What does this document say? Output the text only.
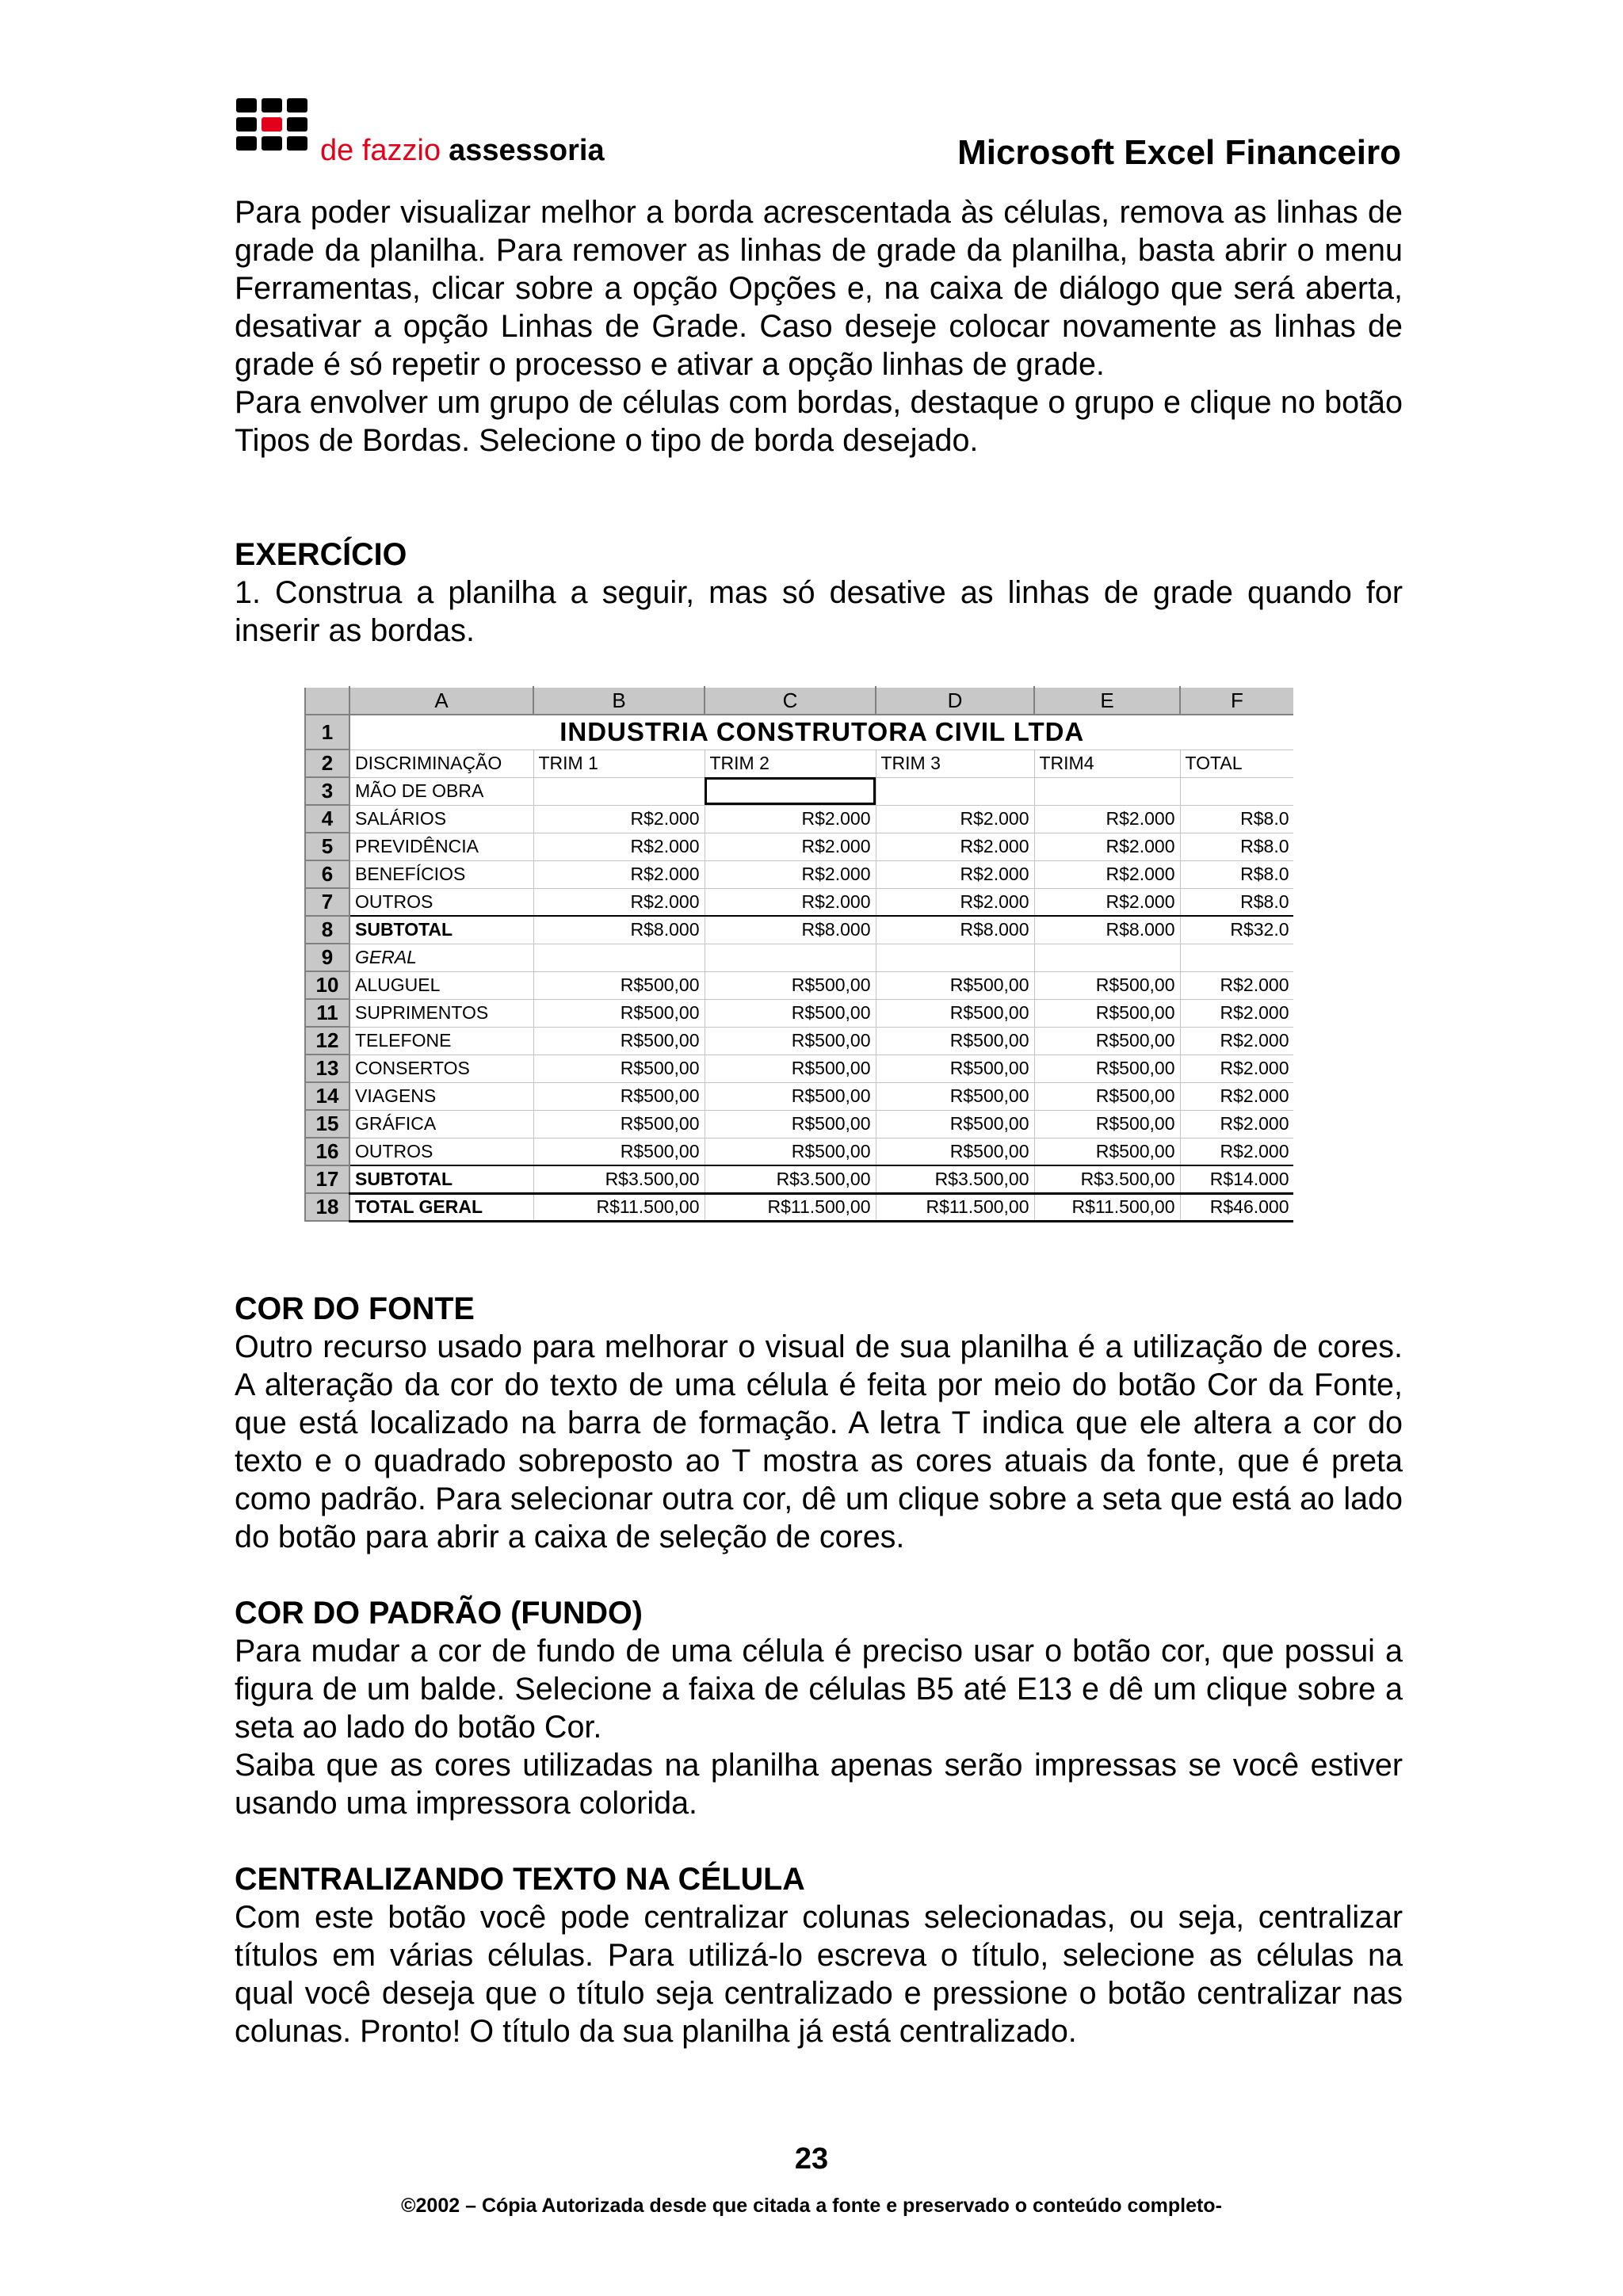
de fazzio assessoria	Microsoft Excel Financeiro

Para poder visualizar melhor a borda acrescentada às células, remova as linhas de grade da planilha. Para remover as linhas de grade da planilha, basta abrir o menu Ferramentas, clicar sobre a opção Opções e, na caixa de diálogo que será aberta, desativar a opção Linhas de Grade. Caso deseje colocar novamente as linhas de grade é só repetir o processo e ativar a opção linhas de grade.

Para envolver um grupo de células com bordas, destaque o grupo e clique no botão Tipos de Bordas. Selecione o tipo de borda desejado.

EXERCÍCIO

1. Construa a planilha a seguir, mas só desative as linhas de grade quando for inserir as bordas.

	A	B	C	D	E	F
1	INDUSTRIA CONSTRUTORA CIVIL LTDA					
2	DISCRIMINAÇÃO	TRIM 1	TRIM 2	TRIM 3	TRIM4	TOTAL
3	MÃO DE OBRA					
4	SALÁRIOS	R$2.000	R$2.000	R$2.000	R$2.000	R$8.0
5	PREVIDÊNCIA	R$2.000	R$2.000	R$2.000	R$2.000	R$8.0
6	BENEFÍCIOS	R$2.000	R$2.000	R$2.000	R$2.000	R$8.0
7	OUTROS	R$2.000	R$2.000	R$2.000	R$2.000	R$8.0
8	SUBTOTAL	R$8.000	R$8.000	R$8.000	R$8.000	R$32.0
9	GERAL					
10	ALUGUEL	R$500,00	R$500,00	R$500,00	R$500,00	R$2.000
11	SUPRIMENTOS	R$500,00	R$500,00	R$500,00	R$500,00	R$2.000
12	TELEFONE	R$500,00	R$500,00	R$500,00	R$500,00	R$2.000
13	CONSERTOS	R$500,00	R$500,00	R$500,00	R$500,00	R$2.000
14	VIAGENS	R$500,00	R$500,00	R$500,00	R$500,00	R$2.000
15	GRÁFICA	R$500,00	R$500,00	R$500,00	R$500,00	R$2.000
16	OUTROS	R$500,00	R$500,00	R$500,00	R$500,00	R$2.000
17	SUBTOTAL	R$3.500,00	R$3.500,00	R$3.500,00	R$3.500,00	R$14.000
18	TOTAL GERAL	R$11.500,00	R$11.500,00	R$11.500,00	R$11.500,00	R$46.000

COR DO FONTE

Outro recurso usado para melhorar o visual de sua planilha é a utilização de cores. A alteração da cor do texto de uma célula é feita por meio do botão Cor da Fonte, que está localizado na barra de formação. A letra T indica que ele altera a cor do texto e o quadrado sobreposto ao T mostra as cores atuais da fonte, que é preta como padrão. Para selecionar outra cor, dê um clique sobre a seta que está ao lado do botão para abrir a caixa de seleção de cores.

COR DO PADRÃO (FUNDO)

Para mudar a cor de fundo de uma célula é preciso usar o botão cor, que possui a figura de um balde. Selecione a faixa de células B5 até E13 e dê um clique sobre a seta ao lado do botão Cor.

Saiba que as cores utilizadas na planilha apenas serão impressas se você estiver usando uma impressora colorida.

CENTRALIZANDO TEXTO NA CÉLULA

Com este botão você pode centralizar colunas selecionadas, ou seja, centralizar títulos em várias células. Para utilizá-lo escreva o título, selecione as células na qual você deseja que o título seja centralizado e pressione o botão centralizar nas colunas. Pronto! O título da sua planilha já está centralizado.

23
©2002 – Cópia Autorizada desde que citada a fonte e preservado o conteúdo completo-
